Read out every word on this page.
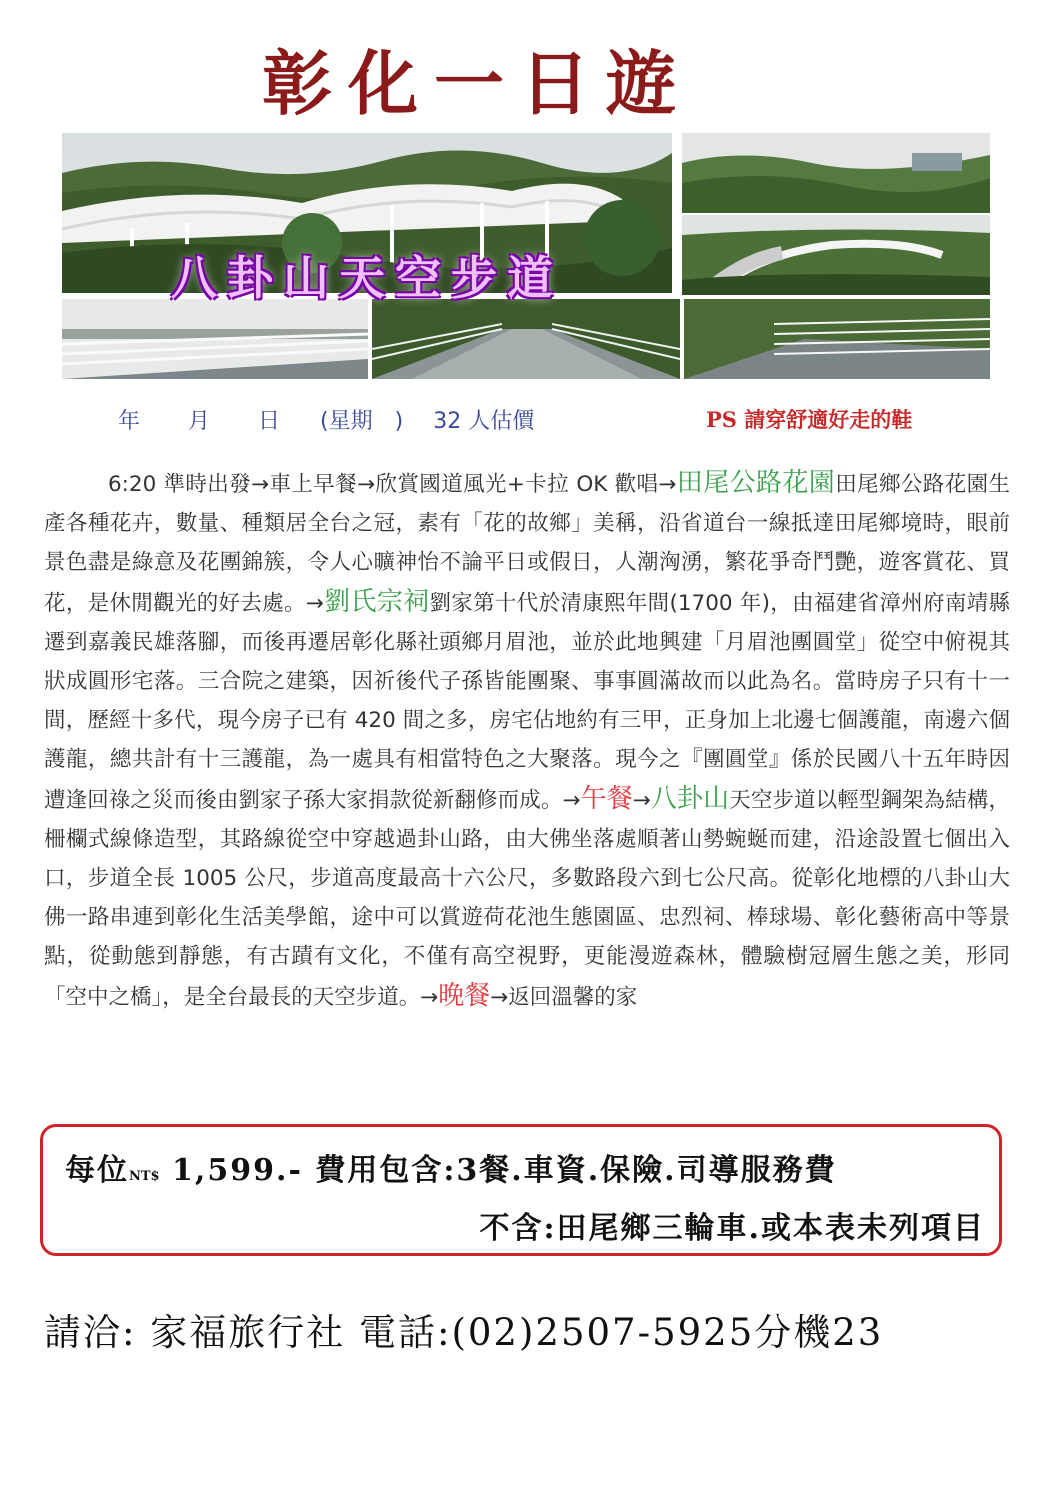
彰化一日遊
八卦山天空步道
年 月 日 (星期　) 32 人估價	PS 請穿舒適好走的鞋
6:20 準時出發→車上早餐→欣賞國道風光+卡拉 OK 歡唱→田尾公路花園田尾鄉公路花園生產各種花卉，數量、種類居全台之冠，素有「花的故鄉」美稱，沿省道台一線抵達田尾鄉境時，眼前景色盡是綠意及花團錦簇，令人心曠神怡不論平日或假日，人潮洶湧，繁花爭奇鬥艷，遊客賞花、買花，是休閒觀光的好去處。→劉氏宗祠劉家第十代於清康熙年間(1700 年)，由福建省漳州府南靖縣遷到嘉義民雄落腳，而後再遷居彰化縣社頭鄉月眉池，並於此地興建「月眉池團圓堂」從空中俯視其狀成圓形宅落。三合院之建築，因祈後代子孫皆能團聚、事事圓滿故而以此為名。當時房子只有十一間，歷經十多代，現今房子已有 420 間之多，房宅佔地約有三甲，正身加上北邊七個護龍，南邊六個護龍，總共計有十三護龍，為一處具有相當特色之大聚落。現今之『團圓堂』係於民國八十五年時因遭逢回祿之災而後由劉家子孫大家捐款從新翻修而成。→午餐→八卦山天空步道以輕型鋼架為結構，柵欄式線條造型，其路線從空中穿越過卦山路，由大佛坐落處順著山勢蜿蜒而建，沿途設置七個出入口，步道全長 1005 公尺，步道高度最高十六公尺，多數路段六到七公尺高。從彰化地標的八卦山大佛一路串連到彰化生活美學館，途中可以賞遊荷花池生態園區、忠烈祠、棒球場、彰化藝術高中等景點，從動態到靜態，有古蹟有文化，不僅有高空視野，更能漫遊森林，體驗樹冠層生態之美，形同「空中之橋」，是全台最長的天空步道。→晚餐→返回溫馨的家
每位NT$ 1,599.- 費用包含:3餐.車資.保險.司導服務費
不含:田尾鄉三輪車.或本表未列項目
請洽: 家福旅行社 電話:(02)2507-5925分機23
